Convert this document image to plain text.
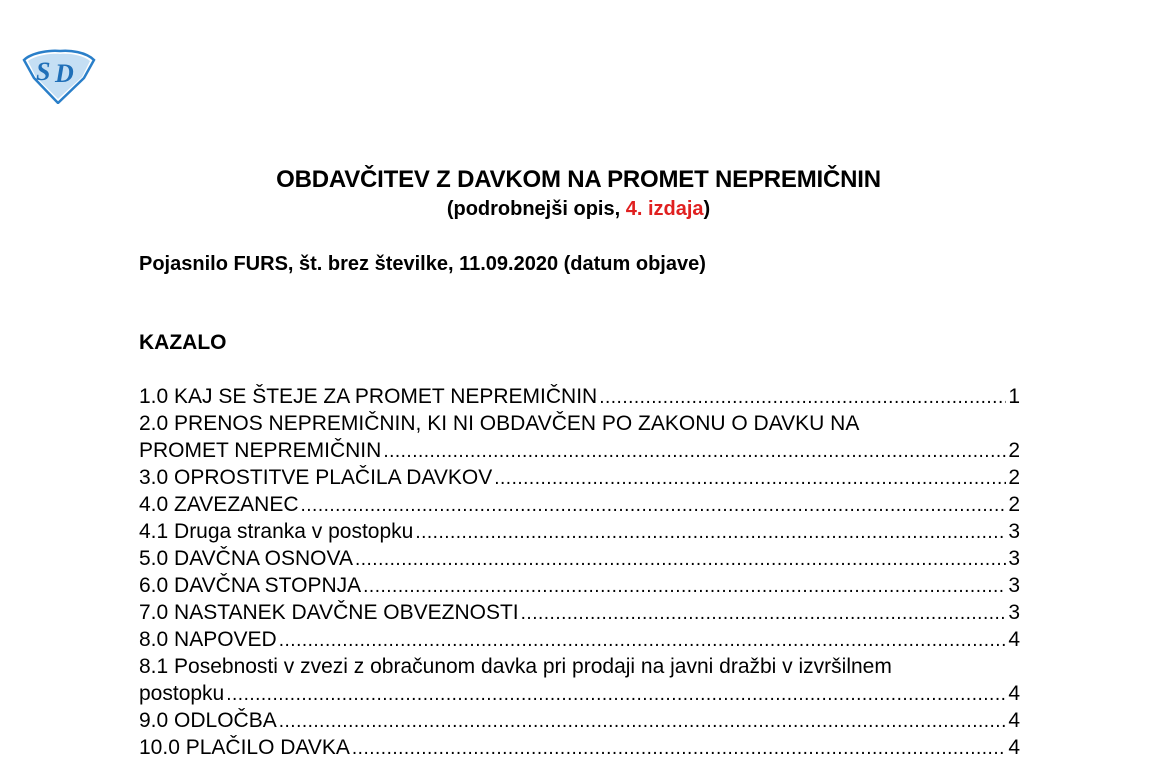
S D
OBDAVČITEV Z DAVKOM NA PROMET NEPREMIČNIN
(podrobnejši opis, 4. izdaja)
Pojasnilo FURS, št. brez številke, 11.09.2020 (datum objave)
KAZALO
1.0 KAJ SE ŠTEJE ZA PROMET NEPREMIČNIN .....	1
2.0 PRENOS NEPREMIČNIN, KI NI OBDAVČEN PO ZAKONU O DAVKU NA
PROMET NEPREMIČNIN .....	2
3.0 OPROSTITVE PLAČILA DAVKOV .....	2
4.0 ZAVEZANEC .....	2
4.1 Druga stranka v postopku .....	3
5.0 DAVČNA OSNOVA .....	3
6.0 DAVČNA STOPNJA .....	3
7.0 NASTANEK DAVČNE OBVEZNOSTI .....	3
8.0 NAPOVED .....	4
8.1 Posebnosti v zvezi z obračunom davka pri prodaji na javni dražbi v izvršilnem
postopku .....	4
9.0 ODLOČBA .....	4
10.0 PLAČILO DAVKA .....	4
